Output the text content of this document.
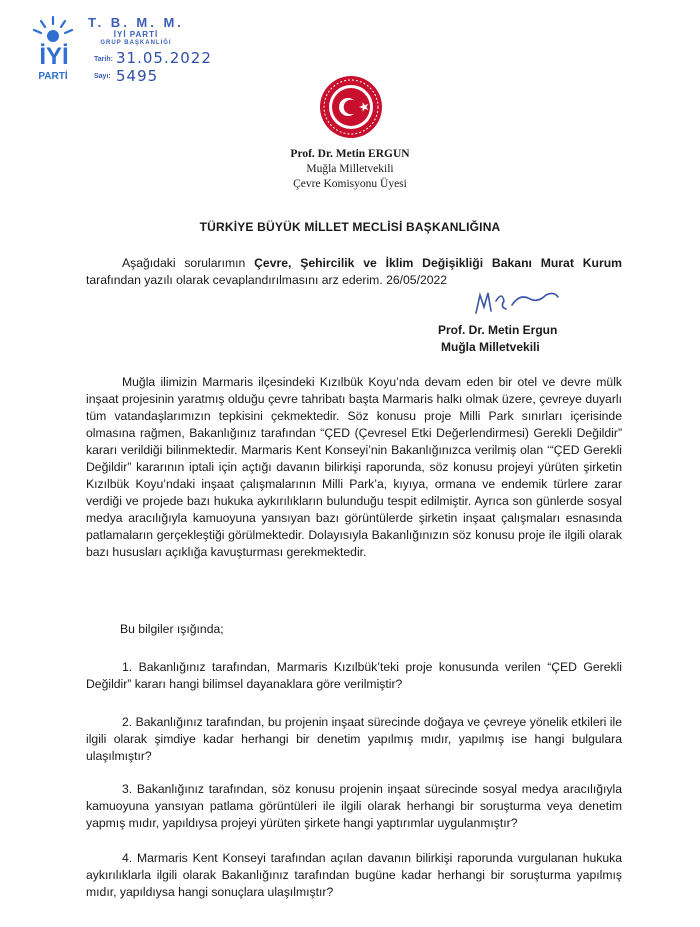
İYİ
PARTİ
T. B. M. M.
İYİ PARTİ
GRUP BAŞKANLIĞI
Tarih: 31.05.2022
Sayı: 5495
Prof. Dr. Metin ERGUN
Muğla Milletvekili
Çevre Komisyonu Üyesi
TÜRKİYE BÜYÜK MİLLET MECLİSİ BAŞKANLIĞINA
Aşağıdaki sorularımın Çevre, Şehircilik ve İklim Değişikliği Bakanı Murat Kurum tarafından yazılı olarak cevaplandırılmasını arz ederim. 26/05/2022
Prof. Dr. Metin Ergun
Muğla Milletvekili
Muğla ilimizin Marmaris ilçesindeki Kızılbük Koyu’nda devam eden bir otel ve devre mülk inşaat projesinin yaratmış olduğu çevre tahribatı başta Marmaris halkı olmak üzere, çevreye duyarlı tüm vatandaşlarımızın tepkisini çekmektedir. Söz konusu proje Milli Park sınırları içerisinde olmasına rağmen, Bakanlığınız tarafından “ÇED (Çevresel Etki Değerlendirmesi) Gerekli Değildir” kararı verildiği bilinmektedir. Marmaris Kent Konseyi’nin Bakanlığınızca verilmiş olan ‘“ÇED Gerekli Değildir” kararının iptali için açtığı davanın bilirkişi raporunda, söz konusu projeyi yürüten şirketin Kızılbük Koyu’ndaki inşaat çalışmalarının Milli Park’a, kıyıya, ormana ve endemik türlere zarar verdiği ve projede bazı hukuka aykırılıkların bulunduğu tespit edilmiştir. Ayrıca son günlerde sosyal medya aracılığıyla kamuoyuna yansıyan bazı görüntülerde şirketin inşaat çalışmaları esnasında patlamaların gerçekleştiği görülmektedir. Dolayısıyla Bakanlığınızın söz konusu proje ile ilgili olarak bazı hususları açıklığa kavuşturması gerekmektedir.
Bu bilgiler ışığında;
1. Bakanlığınız tarafından, Marmaris Kızılbük’teki proje konusunda verilen “ÇED Gerekli Değildir” kararı hangi bilimsel dayanaklara göre verilmiştir?
2. Bakanlığınız tarafından, bu projenin inşaat sürecinde doğaya ve çevreye yönelik etkileri ile ilgili olarak şimdiye kadar herhangi bir denetim yapılmış mıdır, yapılmış ise hangi bulgulara ulaşılmıştır?
3. Bakanlığınız tarafından, söz konusu projenin inşaat sürecinde sosyal medya aracılığıyla kamuoyuna yansıyan patlama görüntüleri ile ilgili olarak herhangi bir soruşturma veya denetim yapmış mıdır, yapıldıysa projeyi yürüten şirkete hangi yaptırımlar uygulanmıştır?
4. Marmaris Kent Konseyi tarafından açılan davanın bilirkişi raporunda vurgulanan hukuka aykırılıklarla ilgili olarak Bakanlığınız tarafından bugüne kadar herhangi bir soruşturma yapılmış mıdır, yapıldıysa hangi sonuçlara ulaşılmıştır?
